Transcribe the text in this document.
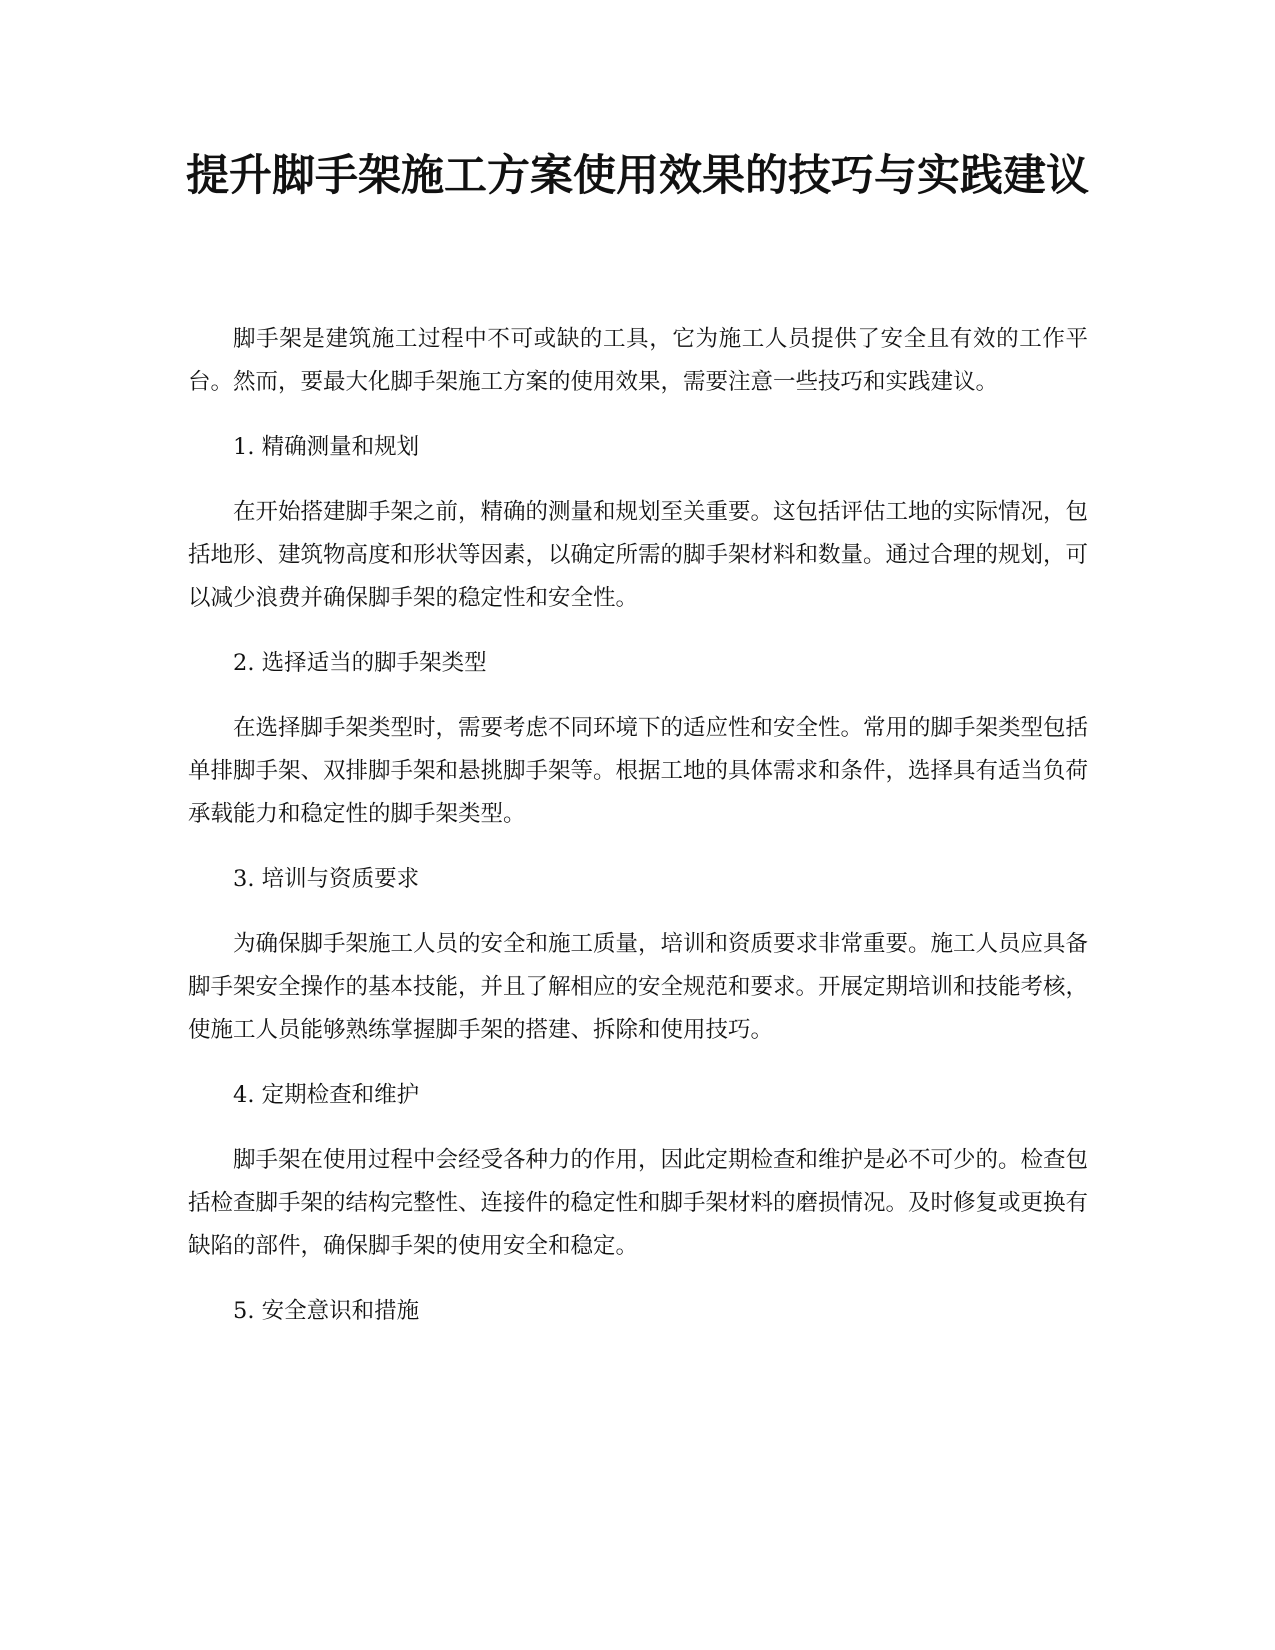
提升脚手架施工方案使用效果的技巧与实践建议

脚手架是建筑施工过程中不可或缺的工具，它为施工人员提供了安全且有效的工作平台。然而，要最大化脚手架施工方案的使用效果，需要注意一些技巧和实践建议。

1. 精确测量和规划

在开始搭建脚手架之前，精确的测量和规划至关重要。这包括评估工地的实际情况，包括地形、建筑物高度和形状等因素，以确定所需的脚手架材料和数量。通过合理的规划，可以减少浪费并确保脚手架的稳定性和安全性。

2. 选择适当的脚手架类型

在选择脚手架类型时，需要考虑不同环境下的适应性和安全性。常用的脚手架类型包括单排脚手架、双排脚手架和悬挑脚手架等。根据工地的具体需求和条件，选择具有适当负荷承载能力和稳定性的脚手架类型。

3. 培训与资质要求

为确保脚手架施工人员的安全和施工质量，培训和资质要求非常重要。施工人员应具备脚手架安全操作的基本技能，并且了解相应的安全规范和要求。开展定期培训和技能考核，使施工人员能够熟练掌握脚手架的搭建、拆除和使用技巧。

4. 定期检查和维护

脚手架在使用过程中会经受各种力的作用，因此定期检查和维护是必不可少的。检查包括检查脚手架的结构完整性、连接件的稳定性和脚手架材料的磨损情况。及时修复或更换有缺陷的部件，确保脚手架的使用安全和稳定。

5. 安全意识和措施
